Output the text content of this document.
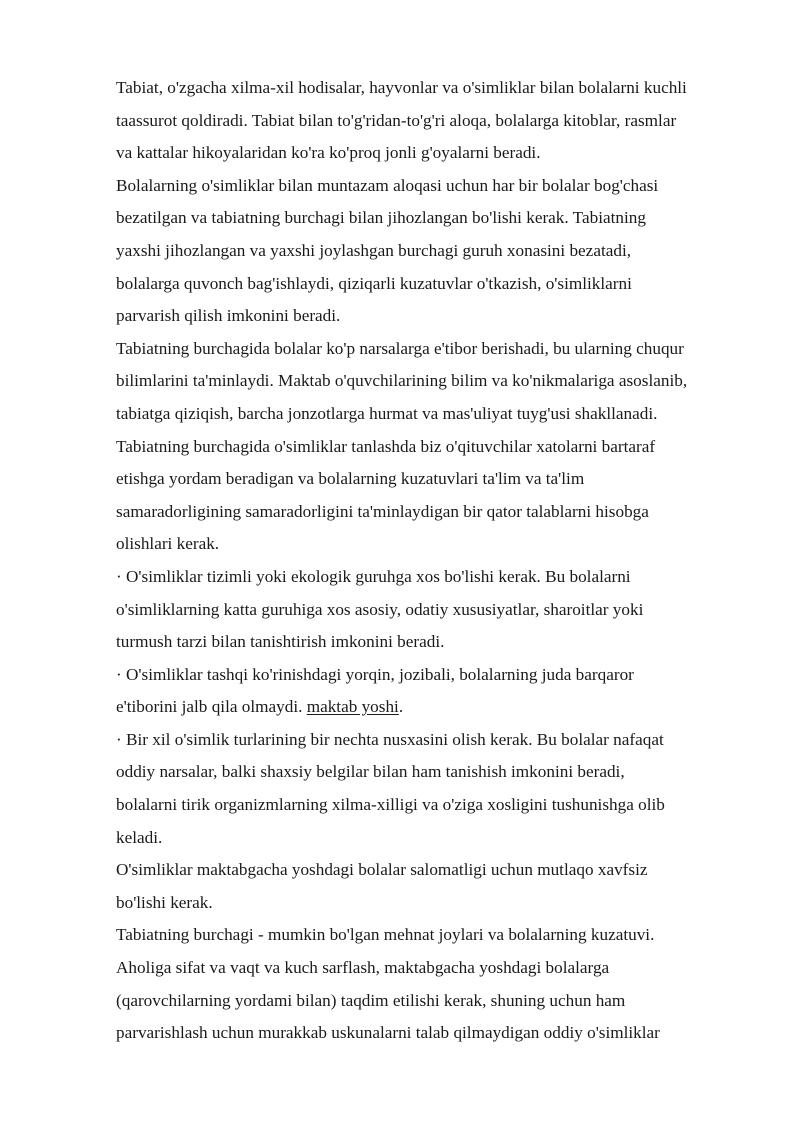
Tabiat, o'zgacha xilma-xil hodisalar, hayvonlar va o'simliklar bilan bolalarni kuchli
taassurot qoldiradi. Tabiat bilan to'g'ridan-to'g'ri aloqa, bolalarga kitoblar, rasmlar
va kattalar hikoyalaridan ko'ra ko'proq jonli g'oyalarni beradi.
Bolalarning o'simliklar bilan muntazam aloqasi uchun har bir bolalar bog'chasi
bezatilgan va tabiatning burchagi bilan jihozlangan bo'lishi kerak. Tabiatning
yaxshi jihozlangan va yaxshi joylashgan burchagi guruh xonasini bezatadi,
bolalarga quvonch bag'ishlaydi, qiziqarli kuzatuvlar o'tkazish, o'simliklarni
parvarish qilish imkonini beradi.
Tabiatning burchagida bolalar ko'p narsalarga e'tibor berishadi, bu ularning chuqur
bilimlarini ta'minlaydi. Maktab o'quvchilarining bilim va ko'nikmalariga asoslanib,
tabiatga qiziqish, barcha jonzotlarga hurmat va mas'uliyat tuyg'usi shakllanadi.
Tabiatning burchagida o'simliklar tanlashda biz o'qituvchilar xatolarni bartaraf
etishga yordam beradigan va bolalarning kuzatuvlari ta'lim va ta'lim
samaradorligining samaradorligini ta'minlaydigan bir qator talablarni hisobga
olishlari kerak.
· O'simliklar tizimli yoki ekologik guruhga xos bo'lishi kerak. Bu bolalarni
o'simliklarning katta guruhiga xos asosiy, odatiy xususiyatlar, sharoitlar yoki
turmush tarzi bilan tanishtirish imkonini beradi.
· O'simliklar tashqi ko'rinishdagi yorqin, jozibali, bolalarning juda barqaror
e'tiborini jalb qila olmaydi. maktab yoshi.
· Bir xil o'simlik turlarining bir nechta nusxasini olish kerak. Bu bolalar nafaqat
oddiy narsalar, balki shaxsiy belgilar bilan ham tanishish imkonini beradi,
bolalarni tirik organizmlarning xilma-xilligi va o'ziga xosligini tushunishga olib
keladi.
O'simliklar maktabgacha yoshdagi bolalar salomatligi uchun mutlaqo xavfsiz
bo'lishi kerak.
Tabiatning burchagi - mumkin bo'lgan mehnat joylari va bolalarning kuzatuvi.
Aholiga sifat va vaqt va kuch sarflash, maktabgacha yoshdagi bolalarga
(qarovchilarning yordami bilan) taqdim etilishi kerak, shuning uchun ham
parvarishlash uchun murakkab uskunalarni talab qilmaydigan oddiy o'simliklar
